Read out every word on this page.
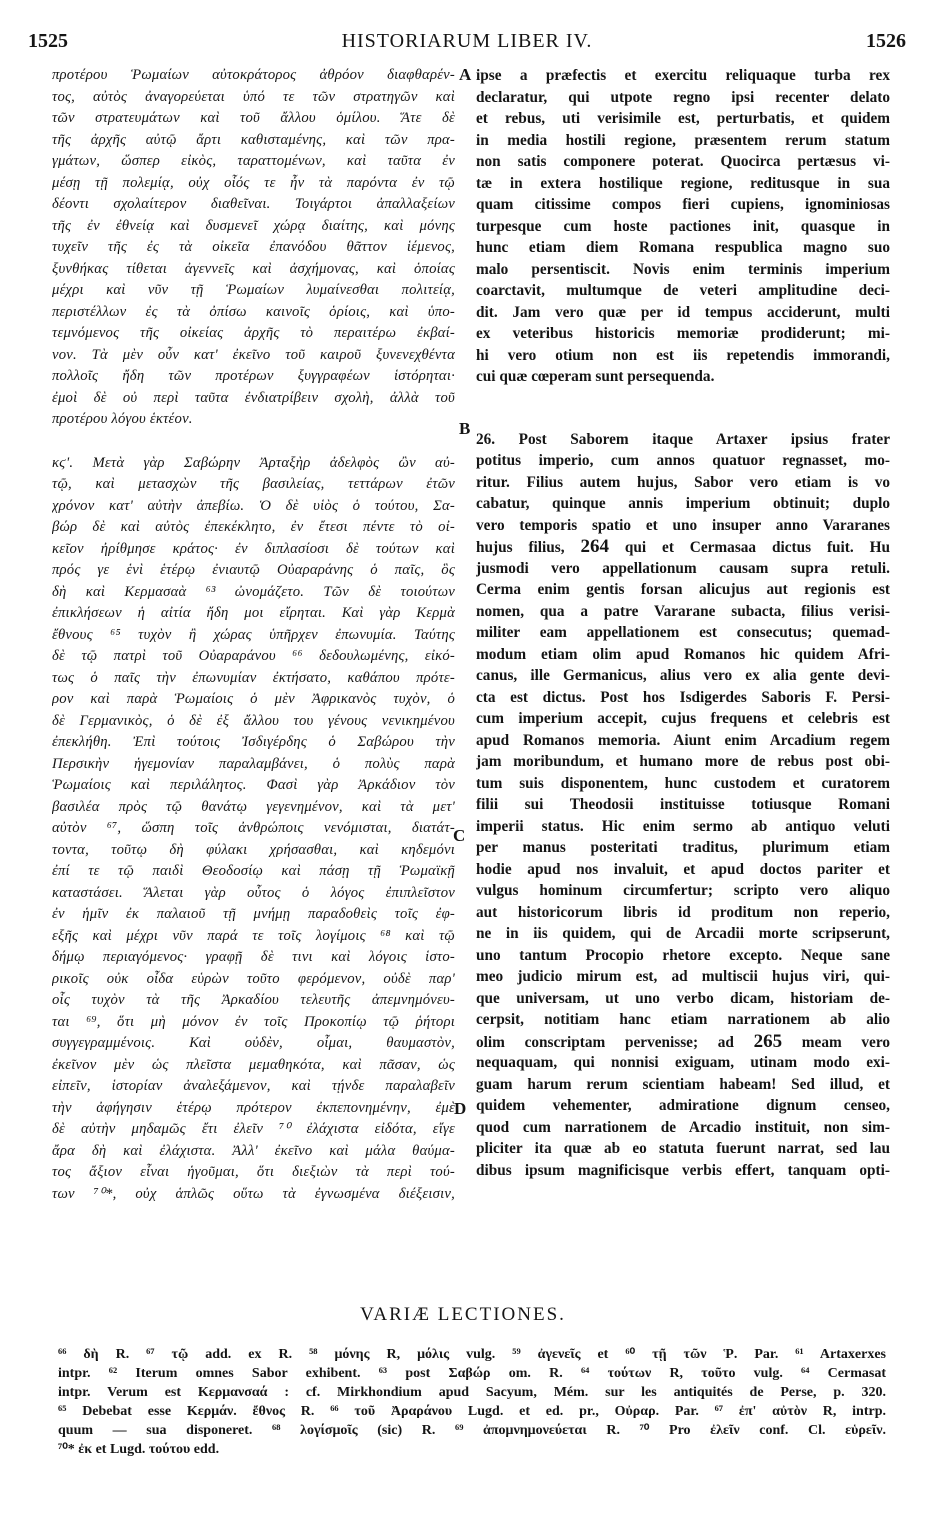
1525	HISTORIARUM LIBER IV.	1526
προτέρου Ῥωμαίων αὐτοκράτορος ἀθρόον διαφθαρέν-
τος, αὐτὸς ἀναγορεύεται ὑπό τε τῶν στρατηγῶν καὶ
τῶν στρατευμάτων καὶ τοῦ ἄλλου ὁμίλου. Ἅτε δὲ
τῆς ἀρχῆς αὐτῷ ἄρτι καθισταμένης, καὶ τῶν πρα-
γμάτων, ὥσπερ εἰκὸς, ταραττομένων, καὶ ταῦτα ἐν
μέσῃ τῇ πολεμίᾳ, οὐχ οἷός τε ἦν τὰ παρόντα ἐν τῷ
δέοντι σχολαίτερον διαθεῖναι. Τοιγάρτοι ἀπαλλαξείων
τῆς ἐν ἐθνείᾳ καὶ δυσμενεῖ χώρᾳ διαίτης, καὶ μόνης
τυχεῖν τῆς ἐς τὰ οἰκεῖα ἐπανόδου θᾶττον ἱέμενος,
ξυνθήκας τίθεται ἀγεννεῖς καὶ ἀσχήμονας, καὶ ὁποίας
μέχρι καὶ νῦν τῇ Ῥωμαίων λυμαίνεσθαι πολιτείᾳ,
περιστέλλων ἐς τὰ ὀπίσω καινοῖς ὁρίοις, καὶ ὑπο-
τεμνόμενος τῆς οἰκείας ἀρχῆς τὸ περαιτέρω ἐκβαί-
νον. Τὰ μὲν οὖν κατ' ἐκεῖνο τοῦ καιροῦ ξυνενεχθέντα
πολλοῖς ἤδη τῶν προτέρων ξυγγραφέων ἱστόρηται·
ἐμοὶ δὲ οὐ περὶ ταῦτα ἐνδιατρίβειν σχολὴ, ἀλλὰ τοῦ
προτέρου λόγου ἑκτέον.
κϛ'. Μετὰ γὰρ Σαβώρην Ἀρταξὴρ ἀδελφὸς ὢν αὐ-
τῷ, καὶ μετασχὼν τῆς βασιλείας, τεττάρων ἐτῶν
χρόνον κατ' αὐτὴν ἀπεβίω. Ὁ δὲ υἱὸς ὁ τούτου, Σα-
βώρ δὲ καὶ αὐτὸς ἐπεκέκλητο, ἐν ἔτεσι πέντε τὸ οἰ-
κεῖον ἠρίθμησε κράτος· ἐν διπλασίοσι δὲ τούτων καὶ
πρός γε ἑνὶ ἑτέρῳ ἐνιαυτῷ Οὐαραράνης ὁ παῖς, ὃς
δὴ καὶ Κερμασαὰ ⁶³ ὠνομάζετο. Τῶν δὲ τοιούτων
ἐπικλήσεων ἡ αἰτία ἤδη μοι εἴρηται. Καὶ γὰρ Κερμὰ
ἔθνους ⁶⁵ τυχὸν ἢ χώρας ὑπῆρχεν ἐπωνυμία. Ταύτης
δὲ τῷ πατρὶ τοῦ Οὐαραράνου ⁶⁶ δεδουλωμένης, εἰκό-
τως ὁ παῖς τὴν ἐπωνυμίαν ἐκτήσατο, καθάπου πρότε-
ρον καὶ παρὰ Ῥωμαίοις ὁ μὲν Ἀφρικανὸς τυχὸν, ὁ
δὲ Γερμανικὸς, ὁ δὲ ἐξ ἄλλου του γένους νενικημένου
ἐπεκλήθη. Ἐπὶ τούτοις Ἰσδιγέρδης ὁ Σαβώρου τὴν
Περσικὴν ἡγεμονίαν παραλαμβάνει, ὁ πολὺς παρὰ
Ῥωμαίοις καὶ περιλάλητος. Φασὶ γὰρ Ἀρκάδιον τὸν
βασιλέα πρὸς τῷ θανάτῳ γεγενημένον, καὶ τὰ μετ'
αὐτὸν ⁶⁷, ὥσπη τοῖς ἀνθρώποις νενόμισται, διατάτ-
τοντα, τοῦτῳ δὴ φύλακι χρήσασθαι, καὶ κηδεμόνι
ἐπί τε τῷ παιδὶ Θεοδοσίῳ καὶ πάσῃ τῇ Ῥωμαϊκῇ
καταστάσει. Ἅλεται γὰρ οὗτος ὁ λόγος ἐπιπλεῖστον
ἐν ἡμῖν ἐκ παλαιοῦ τῇ μνήμῃ παραδοθεὶς τοῖς ἐφ-
εξῆς καὶ μέχρι νῦν παρά τε τοῖς λογίμοις ⁶⁸ καὶ τῷ
δήμῳ περιαγόμενος· γραφῇ δὲ τινι καὶ λόγοις ἱστο-
ρικοῖς οὐκ οἶδα εὑρὼν τοῦτο φερόμενον, οὐδὲ παρ'
οἷς τυχὸν τὰ τῆς Ἀρκαδίου τελευτῆς ἀπεμνημόνευ-
ται ⁶⁹, ὅτι μὴ μόνον ἐν τοῖς Προκοπίῳ τῷ ῥήτορι
συγγεγραμμένοις. Καὶ οὐδὲν, οἶμαι, θαυμαστὸν,
ἐκεῖνον μὲν ὡς πλεῖστα μεμαθηκότα, καὶ πᾶσαν, ὡς
εἰπεῖν, ἱστορίαν ἀναλεξάμενον, καὶ τῄνδε παραλαβεῖν
τὴν ἀφήγησιν ἑτέρῳ πρότερον ἐκπεπονημένην, ἐμὲ
δὲ αὐτὴν μηδαμῶς ἔτι ἐλεῖν ⁷⁰ ἐλάχιστα εἰδότα, εἴγε
ἄρα δὴ καὶ ἐλάχιστα. Ἀλλ' ἐκεῖνο καὶ μάλα θαύμα-
τος ἄξιον εἶναι ἡγοῦμαι, ὅτι διεξιὼν τὰ περὶ τού-
των ⁷⁰*, οὐχ ἁπλῶς οὕτω τὰ ἐγνωσμένα διέξεισιν,
A
B
C
D
ipse a præfectis et exercitu reliquaque turba rex
declaratur, qui utpote regno ipsi recenter delato
et rebus, uti verisimile est, perturbatis, et quidem
in media hostili regione, præsentem rerum statum
non satis componere poterat. Quocirca pertæsus vi-
tæ in extera hostilique regione, reditusque in sua
quam citissime compos fieri cupiens, ignominiosas
turpesque cum hoste pactiones init, quasque in
hunc etiam diem Romana respublica magno suo
malo persentiscit. Novis enim terminis imperium
coarctavit, multumque de veteri amplitudine deci-
dit. Jam vero quæ per id tempus acciderunt, multi
ex veteribus historicis memoriæ prodiderunt; mi-
hi vero otium non est iis repetendis immorandi,
cui quæ cœperam sunt persequenda.
26. Post Saborem itaque Artaxer ipsius frater
potitus imperio, cum annos quatuor regnasset, mo-
ritur. Filius autem hujus, Sabor vero etiam is vo
cabatur, quinque annis imperium obtinuit; duplo
vero temporis spatio et uno insuper anno Vararanes
hujus filius, 264 qui et Cermasaa dictus fuit. Hu
jusmodi vero appellationum causam supra retuli.
Cerma enim gentis forsan alicujus aut regionis est
nomen, qua a patre Vararane subacta, filius verisi-
militer eam appellationem est consecutus; quemad-
modum etiam olim apud Romanos hic quidem Afri-
canus, ille Germanicus, alius vero ex alia gente devi-
cta est dictus. Post hos Isdigerdes Saboris F. Persi-
cum imperium accepit, cujus frequens et celebris est
apud Romanos memoria. Aiunt enim Arcadium regem
jam moribundum, et humano more de rebus post obi-
tum suis disponentem, hunc custodem et curatorem
filii sui Theodosii instituisse totiusque Romani
imperii status. Hic enim sermo ab antiquo veluti
per manus posteritati traditus, plurimum etiam
hodie apud nos invaluit, et apud doctos pariter et
vulgus hominum circumfertur; scripto vero aliquo
aut historicorum libris id proditum non reperio,
ne in iis quidem, qui de Arcadii morte scripserunt,
uno tantum Procopio rhetore excepto. Neque sane
meo judicio mirum est, ad multiscii hujus viri, qui-
que universam, ut uno verbo dicam, historiam de-
cerpsit, notitiam hanc etiam narrationem ab alio
olim conscriptam pervenisse; ad 265 meam vero
nequaquam, qui nonnisi exiguam, utinam modo exi-
guam harum rerum scientiam habeam! Sed illud, et
quidem vehementer, admiratione dignum censeo,
quod cum narrationem de Arcadio instituit, non sim-
pliciter ita quæ ab eo statuta fuerunt narrat, sed lau
dibus ipsum magnificisque verbis effert, tanquam opti-
VARIÆ LECTIONES.
⁶⁶ δὴ R. ⁶⁷ τῷ add. ex R. ⁵⁸ μόνης R, μόλις vulg. ⁵⁹ ἀγενεῖς et ⁶⁰ τῇ τῶν Ῥ. Par. ⁶¹ Artaxerxes
intpr. ⁶² Iterum omnes Sabor exhibent. ⁶³ post Σαβώρ om. R. ⁶⁴ τούτων R, τοῦτο vulg. ⁶⁴ Cermasat
intpr. Verum est Κερμανσαά : cf. Mirkhondium apud Sacyum, Mém. sur les antiquités de Perse, p. 320.
⁶⁵ Debebat esse Κερμάν. ἔθνος R. ⁶⁶ τοῦ Ἀραράνου Lugd. et ed. pr., Οὐραρ. Par. ⁶⁷ ἐπ' αὐτὸν R, intrp.
quum — sua disponeret. ⁶⁸ λογίσμοῖς (sic) R. ⁶⁹ ἀπομνημονεύεται R. ⁷⁰ Pro ἐλεῖν conf. Cl. εὑρεῖν.
⁷⁰* ἐκ et Lugd. τούτου edd.
